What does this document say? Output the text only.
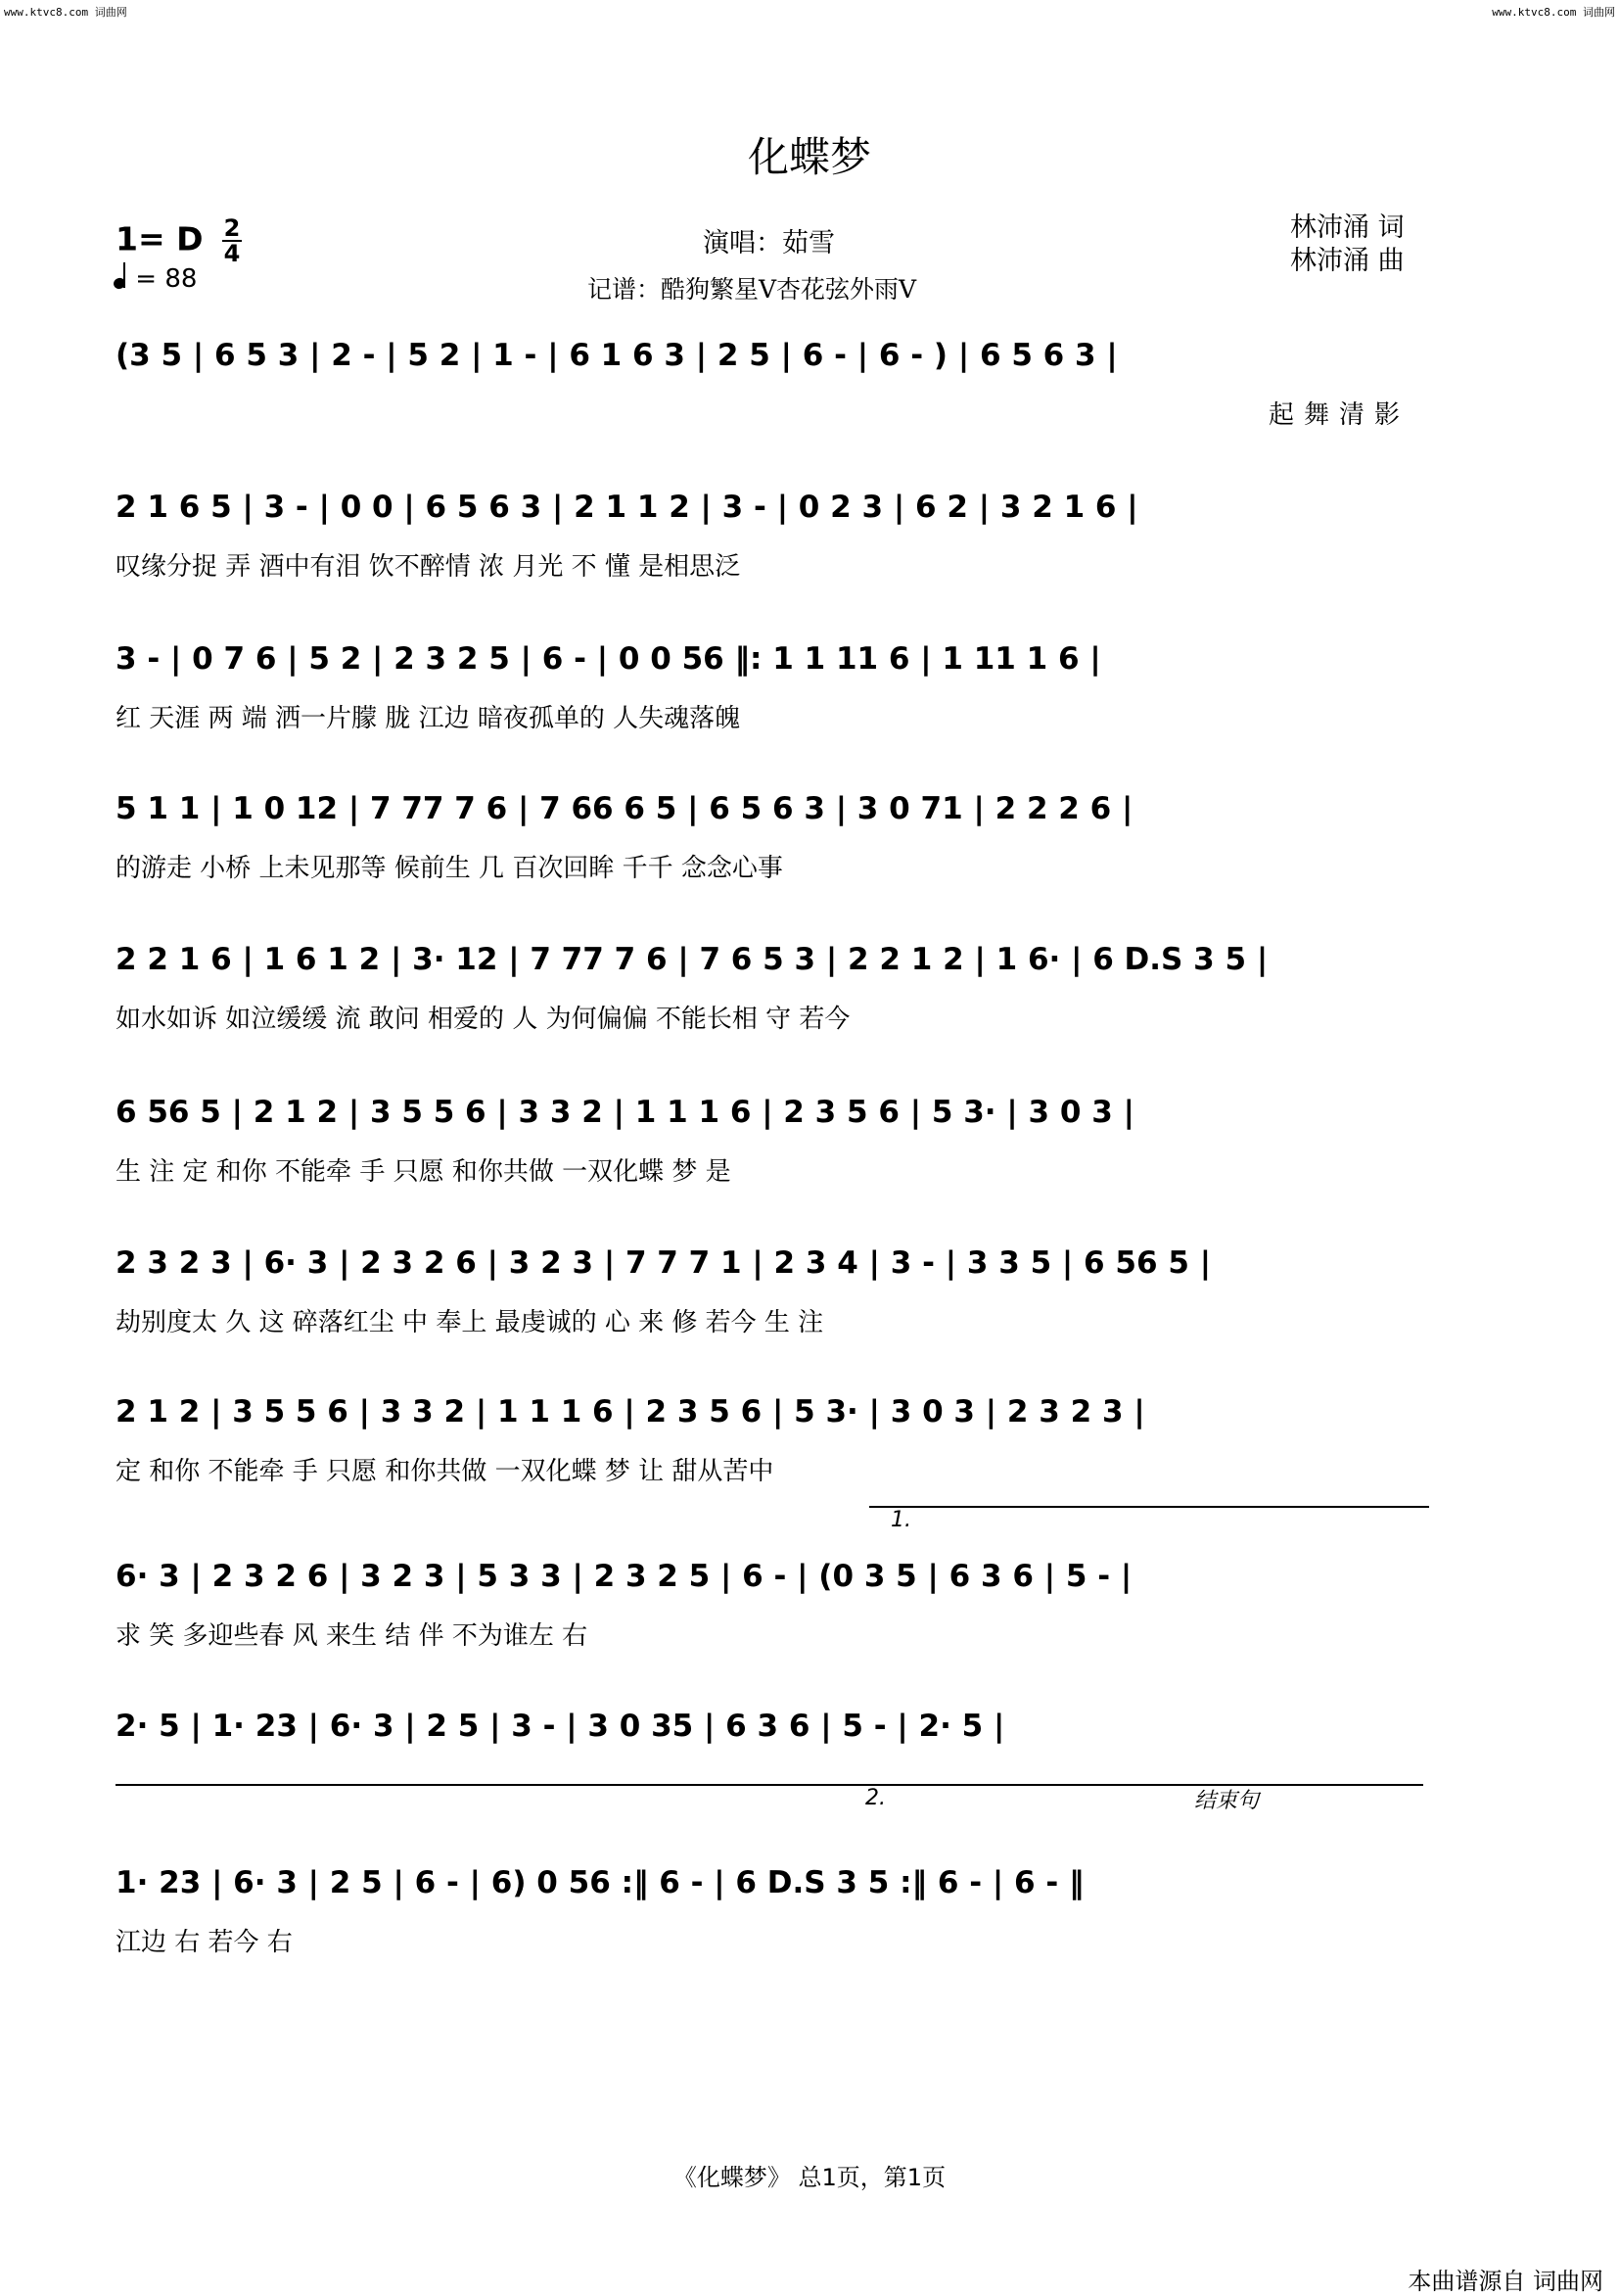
www.ktvc8.com 词曲网	www.ktvc8.com 词曲网
化蝶梦
1= D $\frac{2}{4}$
= 88
演唱：茹雪
记谱：酷狗繁星V杏花弦外雨V
林沛涌 词
林沛涌 曲
(3 5 | 6 5 3 | 2 - | 5 2 | 1 - | 6 1 6 3 | 2 5 | 6 - | 6 - ) | 6 5 6 3 |
起舞清影
2 1 6 5 | 3 - | 0 0 | 6 5 6 3 | 2 1 1 2 | 3 - | 0 2 3 | 6 2 | 3 2 1 6 |
叹缘分捉 弄 酒中有泪 饮不醉情 浓 月光 不 懂 是相思泛
3 - | 0 7 6 | 5 2 | 2 3 2 5 | 6 - | 0 0 56 ‖: 1 1 11 6 | 1 11 1 6 |
红 天涯 两 端 洒一片朦 胧 江边 暗夜孤单的 人失魂落魄
5 1 1 | 1 0 12 | 7 77 7 6 | 7 66 6 5 | 6 5 6 3 | 3 0 71 | 2 2 2 6 |
的游走 小桥 上未见那等 候前生 几 百次回眸 千千 念念心事
2 2 1 6 | 1 6 1 2 | 3· 12 | 7 77 7 6 | 7 6 5 3 | 2 2 1 2 | 1 6· | 6 D.S 3 5 |
如水如诉 如泣缓缓 流 敢问 相爱的 人 为何偏偏 不能长相 守 若今
6 56 5 | 2 1 2 | 3 5 5 6 | 3 3 2 | 1 1 1 6 | 2 3 5 6 | 5 3· | 3 0 3 |
生 注 定 和你 不能牵 手 只愿 和你共做 一双化蝶 梦 是
2 3 2 3 | 6· 3 | 2 3 2 6 | 3 2 3 | 7 7 7 1 | 2 3 4 | 3 - | 3 3 5 | 6 56 5 |
劫别度太 久 这 碎落红尘 中 奉上 最虔诚的 心 来 修 若今 生 注
2 1 2 | 3 5 5 6 | 3 3 2 | 1 1 1 6 | 2 3 5 6 | 5 3· | 3 0 3 | 2 3 2 3 |
定 和你 不能牵 手 只愿 和你共做 一双化蝶 梦 让 甜从苦中
6· 3 | 2 3 2 6 | 3 2 3 | 5 3 3 | 2 3 2 5 | 6 - | (0 3 5 | 6 3 6 | 5 - |
求 笑 多迎些春 风 来生 结 伴 不为谁左 右
2· 5 | 1· 23 | 6· 3 | 2 5 | 3 - | 3 0 35 | 6 3 6 | 5 - | 2· 5 |
1· 23 | 6· 3 | 2 5 | 6 - | 6) 0 56 :‖ 6 - | 6 D.S 3 5 :‖ 6 - | 6 - ‖
江边 右 若今 右
1.
2.	结束句
《化蝶梦》 总1页，第1页
本曲谱源自 词曲网
